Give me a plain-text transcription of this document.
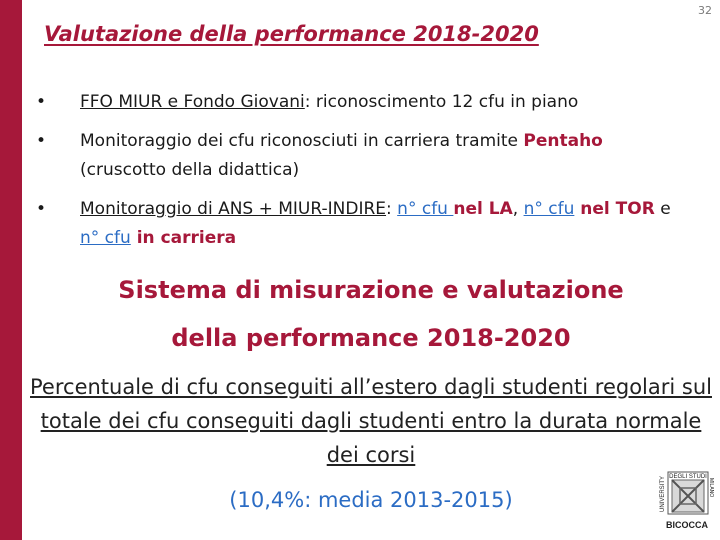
32
Valutazione della performance 2018-2020
• FFO MIUR e Fondo Giovani: riconoscimento 12 cfu in piano
• Monitoraggio dei cfu riconosciuti in carriera tramite Pentaho (cruscotto della didattica)
• Monitoraggio di ANS + MIUR-INDIRE: n° cfu nel LA, n° cfu nel TOR e n° cfu in carriera
Sistema di misurazione e valutazione
della performance 2018-2020
Percentuale di cfu conseguiti all’estero dagli studenti regolari sul totale dei cfu conseguiti dagli studenti entro la durata normale dei corsi
(10,4%: media 2013-2015)
DEGLI STUDI
UNIVERSITY	MILANO
BICOCCA
